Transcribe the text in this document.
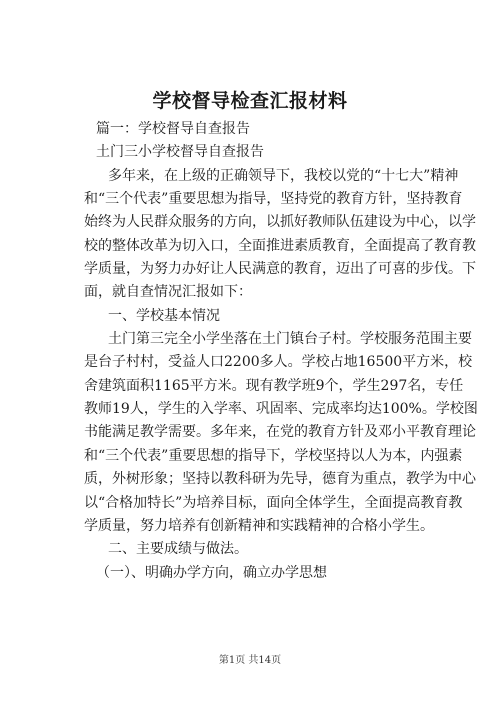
学校督导检查汇报材料
篇一：学校督导自查报告
土门三小学校督导自查报告
多年来，在上级的正确领导下，我校以党的“十七大”精神
和“三个代表”重要思想为指导，坚持党的教育方针，坚持教育
始终为人民群众服务的方向，以抓好教师队伍建设为中心，以学
校的整体改革为切入口，全面推进素质教育，全面提高了教育教
学质量，为努力办好让人民满意的教育，迈出了可喜的步伐。下
面，就自查情况汇报如下：
一、学校基本情况
土门第三完全小学坐落在土门镇台子村。学校服务范围主要
是台子村村，受益人口2200多人。学校占地16500平方米，校
舍建筑面积1165平方米。现有教学班9个，学生297名，专任
教师19人，学生的入学率、巩固率、完成率均达100%。学校图
书能满足教学需要。多年来，在党的教育方针及邓小平教育理论
和“三个代表”重要思想的指导下，学校坚持以人为本，内强素
质，外树形象；坚持以教科研为先导，德育为重点，教学为中心
以“合格加特长”为培养目标，面向全体学生，全面提高教育教
学质量，努力培养有创新精神和实践精神的合格小学生。
二、主要成绩与做法。
（一）、明确办学方向，确立办学思想
第1页 共14页
